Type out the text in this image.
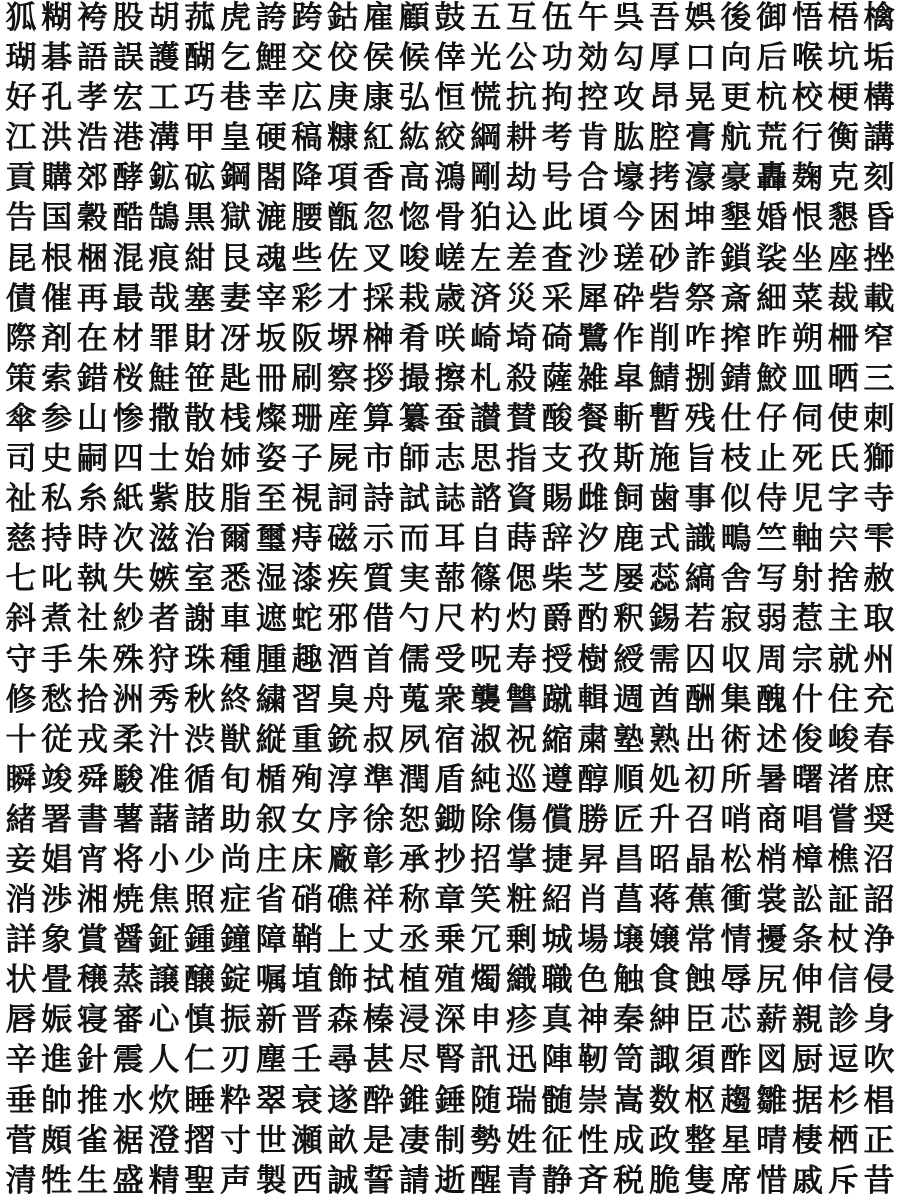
狐 糊 袴 股 胡 菰 虎 誇 跨 鈷 雇 顧 鼓 五 互 伍 午 呉 吾 娯 後 御 悟 梧 檎
瑚 碁 語 誤 護 醐 乞 鯉 交 佼 侯 候 倖 光 公 功 効 勾 厚 口 向 后 喉 坑 垢
好 孔 孝 宏 工 巧 巷 幸 広 庚 康 弘 恒 慌 抗 拘 控 攻 昂 晃 更 杭 校 梗 構
江 洪 浩 港 溝 甲 皇 硬 稿 糠 紅 紘 絞 綱 耕 考 肯 肱 腔 膏 航 荒 行 衡 講
貢 購 郊 酵 鉱 砿 鋼 閤 降 項 香 高 鴻 剛 劫 号 合 壕 拷 濠 豪 轟 麹 克 刻
告 国 穀 酷 鵠 黒 獄 漉 腰 甑 忽 惚 骨 狛 込 此 頃 今 困 坤 墾 婚 恨 懇 昏
昆 根 梱 混 痕 紺 艮 魂 些 佐 叉 唆 嵯 左 差 査 沙 瑳 砂 詐 鎖 裟 坐 座 挫
債 催 再 最 哉 塞 妻 宰 彩 才 採 栽 歳 済 災 采 犀 砕 砦 祭 斎 細 菜 裁 載
際 剤 在 材 罪 財 冴 坂 阪 堺 榊 肴 咲 崎 埼 碕 鷺 作 削 咋 搾 昨 朔 柵 窄
策 索 錯 桜 鮭 笹 匙 冊 刷 察 拶 撮 擦 札 殺 薩 雑 皐 鯖 捌 錆 鮫 皿 晒 三
傘 参 山 惨 撒 散 桟 燦 珊 産 算 纂 蚕 讃 賛 酸 餐 斬 暫 残 仕 仔 伺 使 刺
司 史 嗣 四 士 始 姉 姿 子 屍 市 師 志 思 指 支 孜 斯 施 旨 枝 止 死 氏 獅
祉 私 糸 紙 紫 肢 脂 至 視 詞 詩 試 誌 諮 資 賜 雌 飼 歯 事 似 侍 児 字 寺
慈 持 時 次 滋 治 爾 璽 痔 磁 示 而 耳 自 蒔 辞 汐 鹿 式 識 鴫 竺 軸 宍 雫
七 叱 執 失 嫉 室 悉 湿 漆 疾 質 実 蔀 篠 偲 柴 芝 屡 蕊 縞 舎 写 射 捨 赦
斜 煮 社 紗 者 謝 車 遮 蛇 邪 借 勺 尺 杓 灼 爵 酌 釈 錫 若 寂 弱 惹 主 取
守 手 朱 殊 狩 珠 種 腫 趣 酒 首 儒 受 呪 寿 授 樹 綬 需 囚 収 周 宗 就 州
修 愁 拾 洲 秀 秋 終 繍 習 臭 舟 蒐 衆 襲 讐 蹴 輯 週 酋 酬 集 醜 什 住 充
十 従 戎 柔 汁 渋 獣 縦 重 銃 叔 夙 宿 淑 祝 縮 粛 塾 熟 出 術 述 俊 峻 春
瞬 竣 舜 駿 准 循 旬 楯 殉 淳 準 潤 盾 純 巡 遵 醇 順 処 初 所 暑 曙 渚 庶
緒 署 書 薯 藷 諸 助 叙 女 序 徐 恕 鋤 除 傷 償 勝 匠 升 召 哨 商 唱 嘗 奨
妾 娼 宵 将 小 少 尚 庄 床 廠 彰 承 抄 招 掌 捷 昇 昌 昭 晶 松 梢 樟 樵 沼
消 渉 湘 焼 焦 照 症 省 硝 礁 祥 称 章 笑 粧 紹 肖 菖 蒋 蕉 衝 裳 訟 証 詔
詳 象 賞 醤 鉦 鍾 鐘 障 鞘 上 丈 丞 乗 冗 剰 城 場 壌 嬢 常 情 擾 条 杖 浄
状 畳 穣 蒸 譲 醸 錠 嘱 埴 飾 拭 植 殖 燭 織 職 色 触 食 蝕 辱 尻 伸 信 侵
唇 娠 寝 審 心 慎 振 新 晋 森 榛 浸 深 申 疹 真 神 秦 紳 臣 芯 薪 親 診 身
辛 進 針 震 人 仁 刃 塵 壬 尋 甚 尽 腎 訊 迅 陣 靭 笥 諏 須 酢 図 厨 逗 吹
垂 帥 推 水 炊 睡 粋 翠 衰 遂 酔 錐 錘 随 瑞 髄 崇 嵩 数 枢 趨 雛 据 杉 椙
菅 頗 雀 裾 澄 摺 寸 世 瀬 畝 是 凄 制 勢 姓 征 性 成 政 整 星 晴 棲 栖 正
清 牲 生 盛 精 聖 声 製 西 誠 誓 請 逝 醒 青 静 斉 税 脆 隻 席 惜 戚 斥 昔
